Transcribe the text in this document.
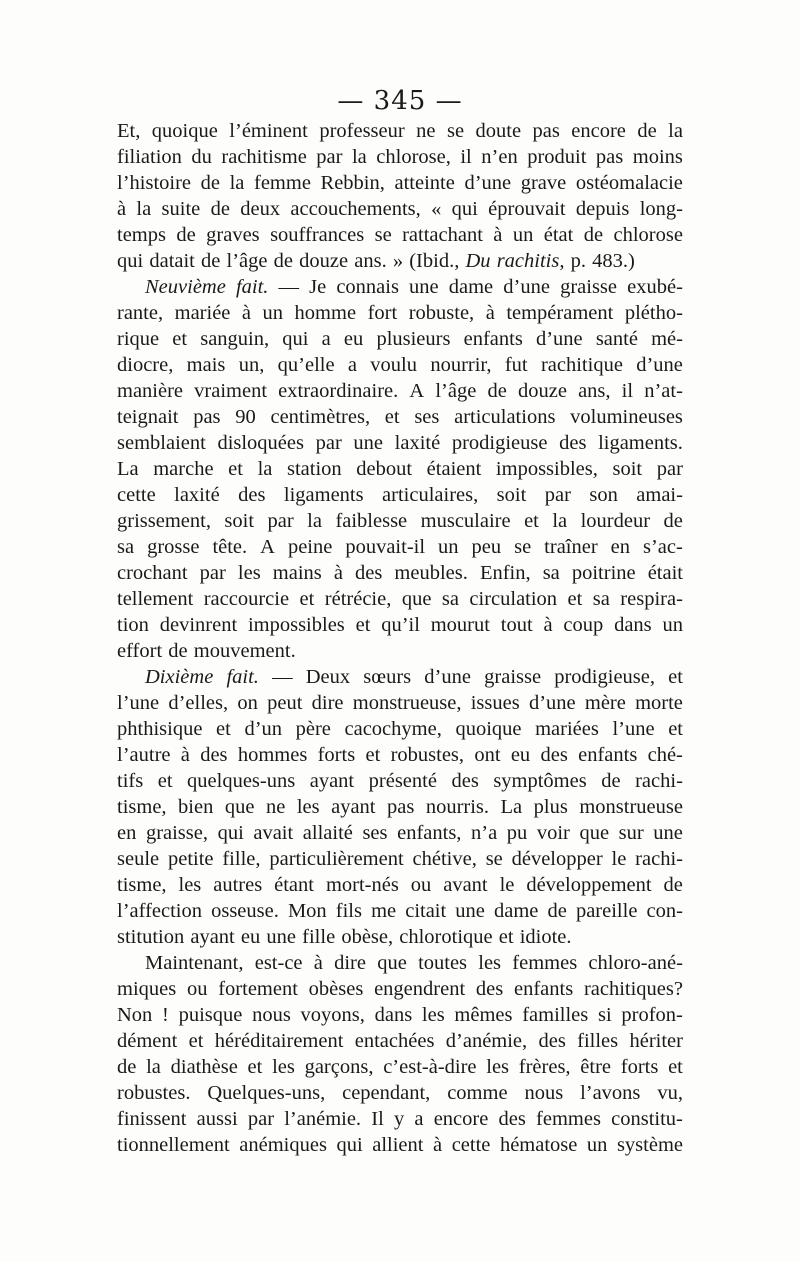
— 345 —
Et, quoique l’éminent professeur ne se doute pas encore de la
filiation du rachitisme par la chlorose, il n’en produit pas moins
l’histoire de la femme Rebbin, atteinte d’une grave ostéomalacie
à la suite de deux accouchements, « qui éprouvait depuis long-
temps de graves souffrances se rattachant à un état de chlorose
qui datait de l’âge de douze ans. » (Ibid., Du rachitis, p. 483.)
Neuvième fait. — Je connais une dame d’une graisse exubé-
rante, mariée à un homme fort robuste, à tempérament plétho-
rique et sanguin, qui a eu plusieurs enfants d’une santé mé-
diocre, mais un, qu’elle a voulu nourrir, fut rachitique d’une
manière vraiment extraordinaire. A l’âge de douze ans, il n’at-
teignait pas 90 centimètres, et ses articulations volumineuses
semblaient disloquées par une laxité prodigieuse des ligaments.
La marche et la station debout étaient impossibles, soit par
cette laxité des ligaments articulaires, soit par son amai-
grissement, soit par la faiblesse musculaire et la lourdeur de
sa grosse tête. A peine pouvait-il un peu se traîner en s’ac-
crochant par les mains à des meubles. Enfin, sa poitrine était
tellement raccourcie et rétrécie, que sa circulation et sa respira-
tion devinrent impossibles et qu’il mourut tout à coup dans un
effort de mouvement.
Dixième fait. — Deux sœurs d’une graisse prodigieuse, et
l’une d’elles, on peut dire monstrueuse, issues d’une mère morte
phthisique et d’un père cacochyme, quoique mariées l’une et
l’autre à des hommes forts et robustes, ont eu des enfants ché-
tifs et quelques-uns ayant présenté des symptômes de rachi-
tisme, bien que ne les ayant pas nourris. La plus monstrueuse
en graisse, qui avait allaité ses enfants, n’a pu voir que sur une
seule petite fille, particulièrement chétive, se développer le rachi-
tisme, les autres étant mort-nés ou avant le développement de
l’affection osseuse. Mon fils me citait une dame de pareille con-
stitution ayant eu une fille obèse, chlorotique et idiote.
Maintenant, est-ce à dire que toutes les femmes chloro-ané-
miques ou fortement obèses engendrent des enfants rachitiques?
Non ! puisque nous voyons, dans les mêmes familles si profon-
dément et héréditairement entachées d’anémie, des filles hériter
de la diathèse et les garçons, c’est-à-dire les frères, être forts et
robustes. Quelques-uns, cependant, comme nous l’avons vu,
finissent aussi par l’anémie. Il y a encore des femmes constitu-
tionnellement anémiques qui allient à cette hématose un système
